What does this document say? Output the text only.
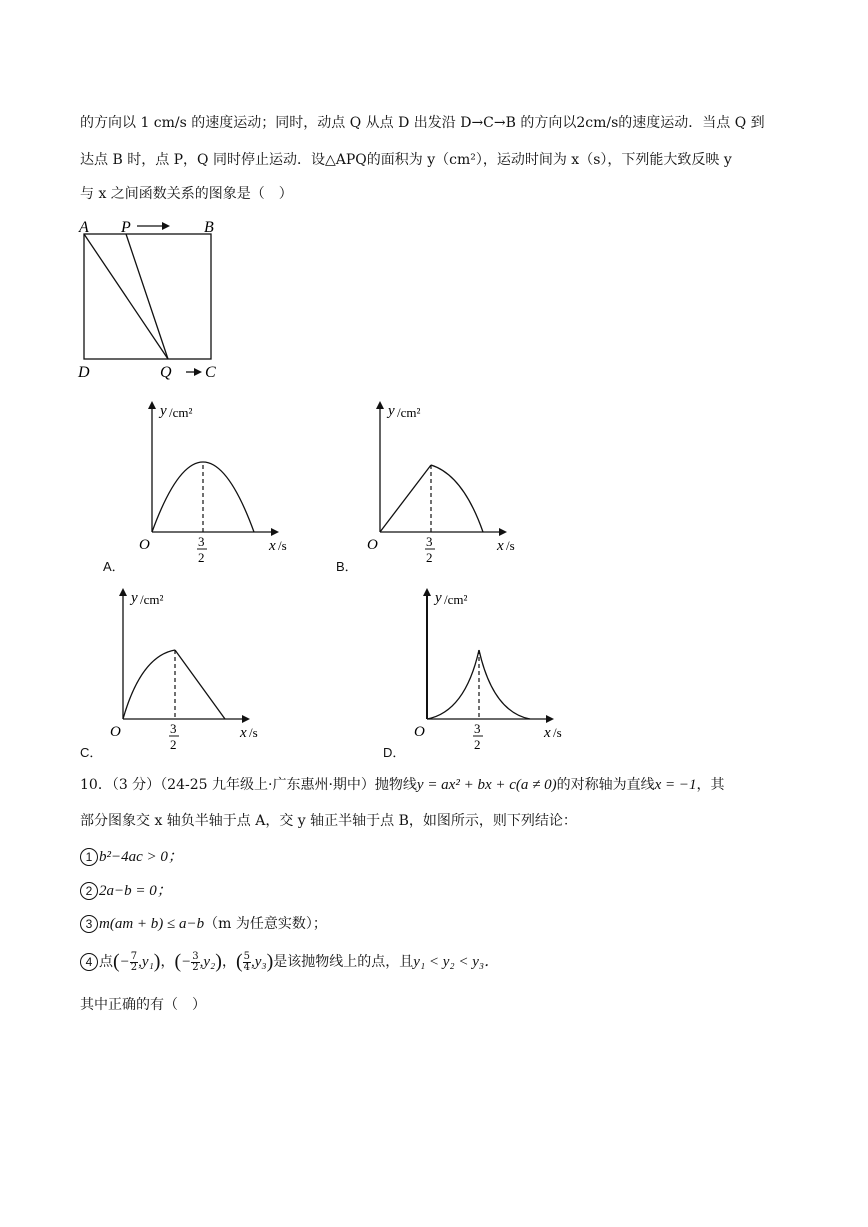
的方向以 1 cm/s 的速度运动；同时，动点 Q 从点 D 出发沿 D→C→B 的方向以2cm/s的速度运动．当点 Q 到
达点 B 时，点 P，Q 同时停止运动．设△APQ的面积为 y（cm²），运动时间为 x（s），下列能大致反映 y
与 x 之间函数关系的图象是（　）
A P	B
D	Q C
y /cm²
O	3
2
x /s
A．
y /cm²
O	3
2
x /s
B．
y /cm²
O	3
2
x /s
C．
y /cm²
O	3
2
x /s
D．
10．（3 分）（24-25 九年级上·广东惠州·期中）抛物线y = ax² + bx + c(a ≠ 0)的对称轴为直线x = −1，其
部分图象交 x 轴负半轴于点 A，交 y 轴正半轴于点 B，如图所示，则下列结论：
1 b²−4ac > 0；
2 2a−b = 0；
3 m(am + b) ≤ a−b（m 为任意实数）；
4 点(− $\frac{7}{2} ,y_1$)，(− $\frac{3}{2} ,y_2$)，( $\frac{5}{4} ,y_3$)是该抛物线上的点，且y₁ < y₂ < y₃．
其中正确的有（　）
